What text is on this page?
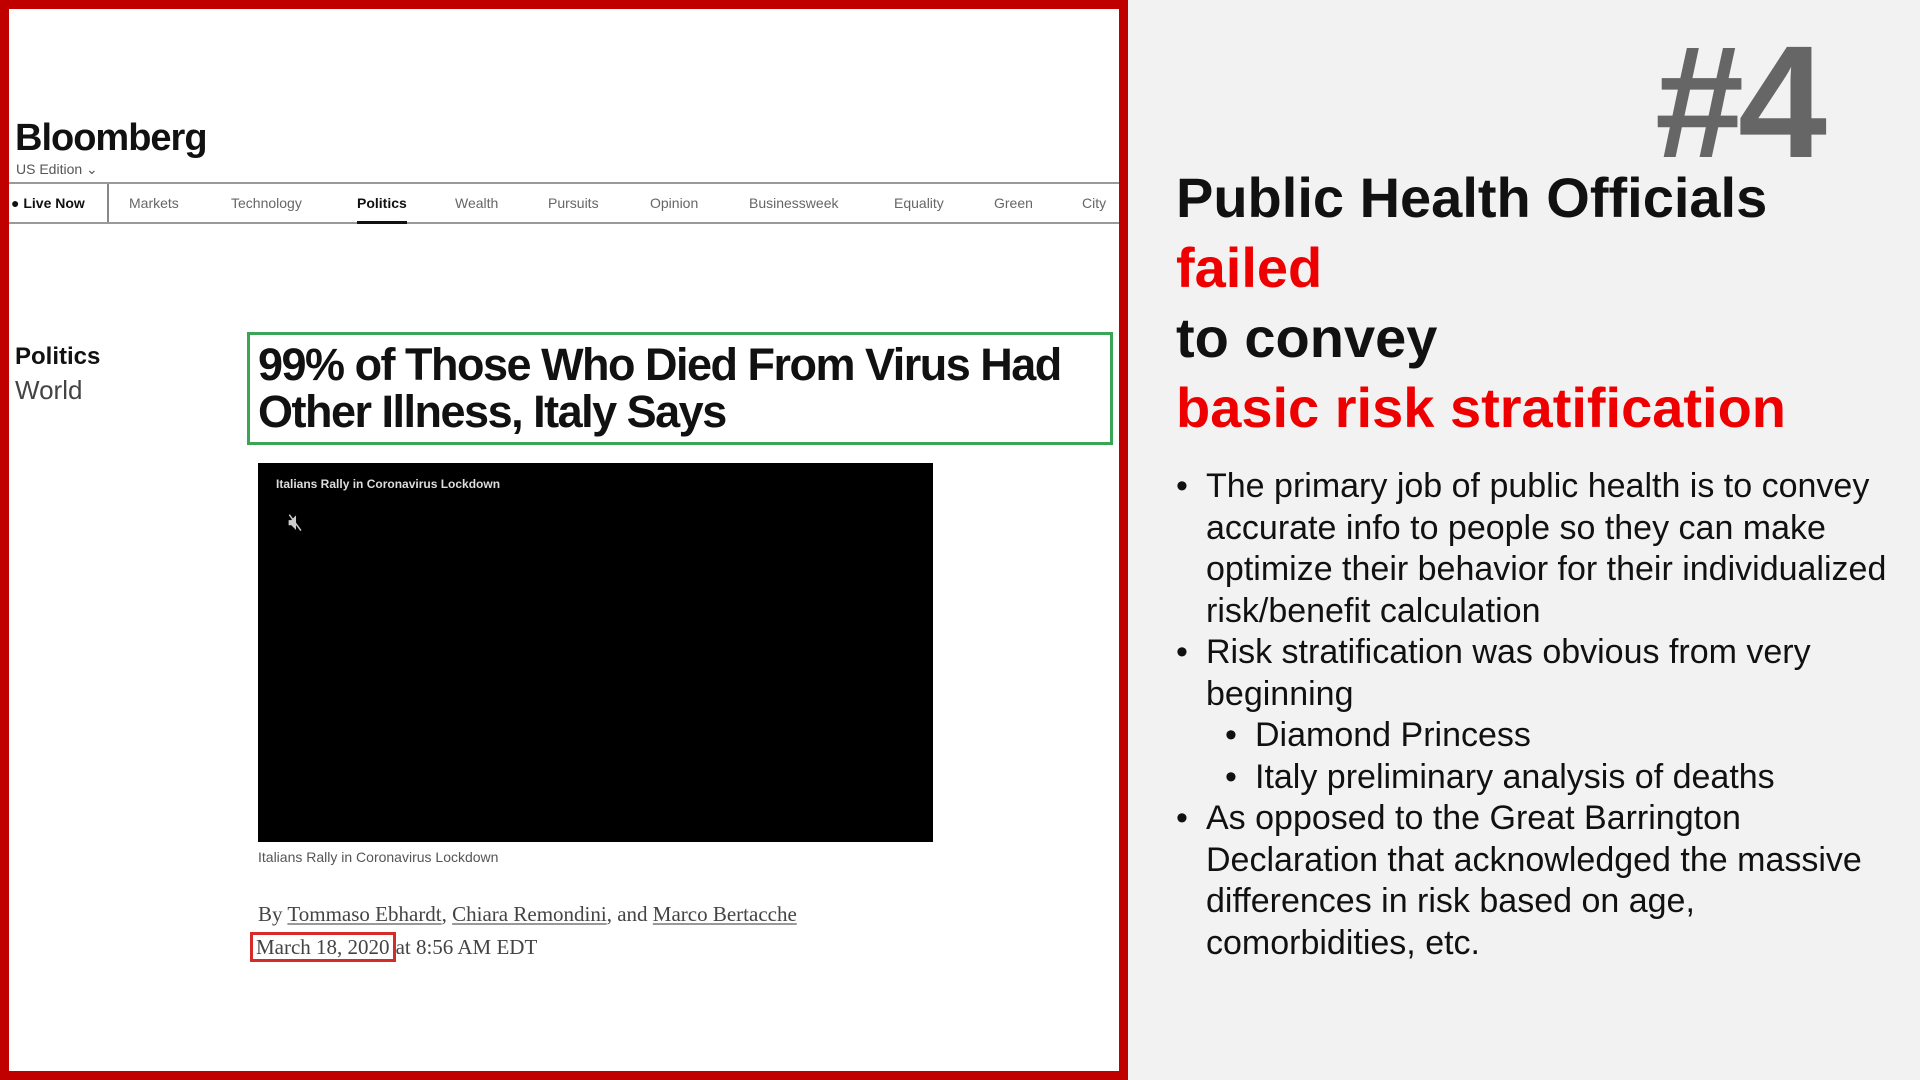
Bloomberg
US Edition ⌄
● Live Now	Markets	Technology	Politics	Wealth	Pursuits	Opinion	Businessweek	Equality	Green	City
Politics
World	99% of Those Who Died From Virus Had Other Illness, Italy Says
Italians Rally in Coronavirus Lockdown
🔇︎
Italians Rally in Coronavirus Lockdown
By Tommaso Ebhardt, Chiara Remondini, and Marco Bertacche
March 18, 2020 at 8:56 AM EDT
#4
Public Health Officials
failed
to convey
basic risk stratification
• The primary job of public health is to convey accurate info to people so they can make optimize their behavior for their individualized risk/benefit calculation
• Risk stratification was obvious from very beginning
• Diamond Princess
• Italy preliminary analysis of deaths
• As opposed to the Great Barrington Declaration that acknowledged the massive differences in risk based on age, comorbidities, etc.
